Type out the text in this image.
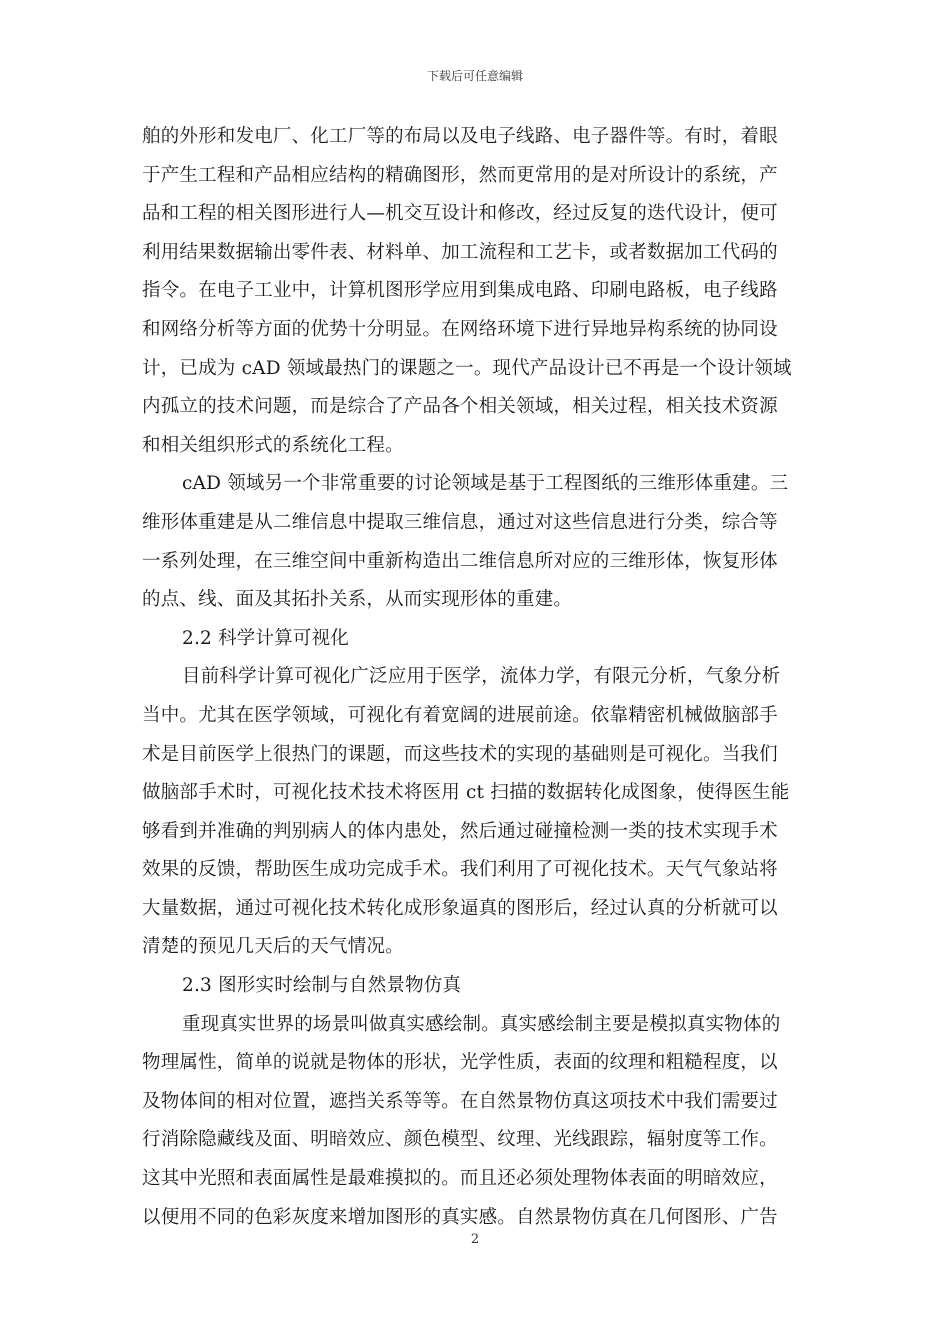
下载后可任意编辑
舶的外形和发电厂、化工厂等的布局以及电子线路、电子器件等。有时，着眼
于产生工程和产品相应结构的精确图形，然而更常用的是对所设计的系统，产
品和工程的相关图形进行人—机交互设计和修改，经过反复的迭代设计，便可
利用结果数据输出零件表、材料单、加工流程和工艺卡，或者数据加工代码的
指令。在电子工业中，计算机图形学应用到集成电路、印刷电路板，电子线路
和网络分析等方面的优势十分明显。在网络环境下进行异地异构系统的协同设
计，已成为 cAD 领域最热门的课题之一。现代产品设计已不再是一个设计领域
内孤立的技术问题，而是综合了产品各个相关领域，相关过程，相关技术资源
和相关组织形式的系统化工程。
cAD 领域另一个非常重要的讨论领域是基于工程图纸的三维形体重建。三
维形体重建是从二维信息中提取三维信息，通过对这些信息进行分类，综合等
一系列处理，在三维空间中重新构造出二维信息所对应的三维形体，恢复形体
的点、线、面及其拓扑关系，从而实现形体的重建。
2.2 科学计算可视化
目前科学计算可视化广泛应用于医学，流体力学，有限元分析，气象分析
当中。尤其在医学领域，可视化有着宽阔的进展前途。依靠精密机械做脑部手
术是目前医学上很热门的课题，而这些技术的实现的基础则是可视化。当我们
做脑部手术时，可视化技术技术将医用 ct 扫描的数据转化成图象，使得医生能
够看到并准确的判别病人的体内患处，然后通过碰撞检测一类的技术实现手术
效果的反馈，帮助医生成功完成手术。我们利用了可视化技术。天气气象站将
大量数据，通过可视化技术转化成形象逼真的图形后，经过认真的分析就可以
清楚的预见几天后的天气情况。
2.3 图形实时绘制与自然景物仿真
重现真实世界的场景叫做真实感绘制。真实感绘制主要是模拟真实物体的
物理属性，简单的说就是物体的形状，光学性质，表面的纹理和粗糙程度，以
及物体间的相对位置，遮挡关系等等。在自然景物仿真这项技术中我们需要过
行消除隐藏线及面、明暗效应、颜色模型、纹理、光线跟踪，辐射度等工作。
这其中光照和表面属性是最难摸拟的。而且还必须处理物体表面的明暗效应，
以便用不同的色彩灰度来增加图形的真实感。自然景物仿真在几何图形、广告
2
